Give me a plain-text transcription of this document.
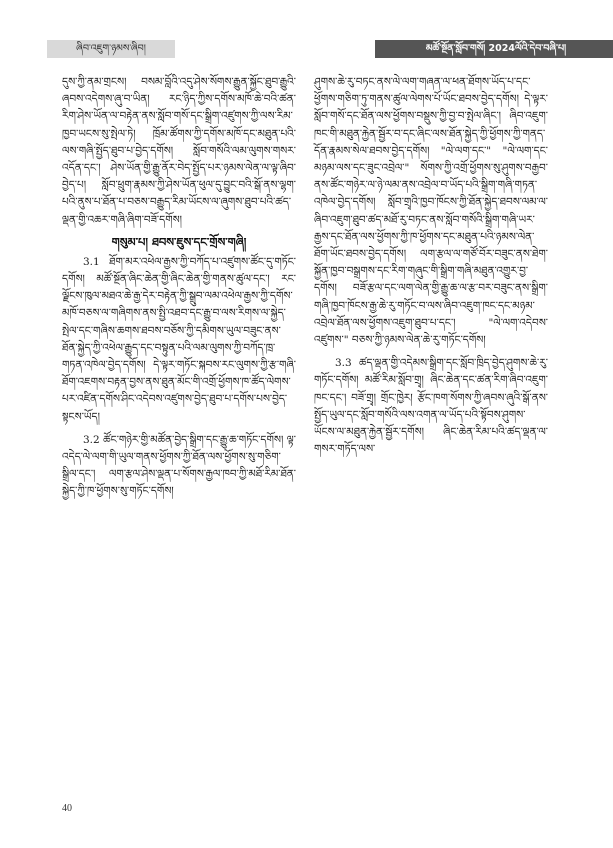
ཞིབ་འཇུག་ཉམས་ཞིབ།	མཚོ་སྔོན་སློབ་གསོ། 2024ལོའི་དེབ་བཞི་པ།

དུས་ཀྱི་ནམ་གྲངས། བསམ་བློའི་འདུ་ཤེས་སོགས་རྒྱུན་སྐྱོང་ཐུབ་རྒྱུའི་ཞབས་འདེགས་ཞུ་བ་ཡིན། རང་ཉིད་ཀྱིས་དགོས་མཁོ་ཆེ་བའི་ཚན་རིག་ཤེས་ཡོན་ལ་བརྟེན་ནས་སློབ་གསོ་དང་སྒྲིག་འཛུགས་ཀྱི་ལས་རིམ་ཁྱབ་ཡངས་སུ་སྤེལ་ཏེ། ཁྲོམ་ཚོགས་ཀྱི་དགོས་མཁོ་དང་མཐུན་པའི་ལས་གཞི་སྤྱོད་ཐུབ་པ་བྱེད་དགོས། སློབ་གསོའི་ལམ་ལུགས་གསར་འདོན་དང་། ཤེས་ཡོན་གྱི་རྒྱུ་ནོར་བེད་སྤྱོད་པར་ཉམས་ལེན་ལ་ལྟ་ཞིབ་བྱེད་པ། སློབ་ཕྲུག་རྣམས་ཀྱི་ཤེས་ཡོན་ཕུལ་དུ་བྱུང་བའི་སྒོ་ནས་ལྷག་པའི་ནུས་པ་ཐོན་པ་བཅས་བརྒྱུད་རིམ་ཡོངས་ལ་ཞུགས་ཐུབ་པའི་ཚད་ལྡན་གྱི་འཆར་གཞི་ཞིག་བཟོ་དགོས།

གསུམ་པ། ཐབས་ཇུས་དང་གྲོས་གཞི།

3.1 ཐོག་མར་འཕེལ་རྒྱས་ཀྱི་བཀོད་པ་འཛུགས་ཚོང་དུ་གཏོང་དགོས། མཚོ་སྔོན་ཞིང་ཆེན་གྱི་ཞིང་ཆེན་གྱི་གནས་ཚུལ་དང་། རང་ལྗོངས་ཁུལ་མཐའ་ཆེ་རྒྱ་དེར་བརྟེན་ཀྱི་སྒྲུབ་ལམ་འཕེལ་རྒྱས་ཀྱི་དགོས་མཁོ་བཅས་ལ་གཞིགས་ནས་སྤྱི་འཐབ་དང་རྒྱུ་བ་ལས་རིགས་ལ་སྐྱེད་སྤེལ་དང་གཞིས་ཆགས་ཐབས་བཅོས་ཀྱི་དམིགས་ཡུལ་བཟུང་ནས་ཐོན་སྐྱེད་ཀྱི་འཕེལ་རྒྱུད་དང་བསྟུན་པའི་ལམ་ལུགས་ཀྱི་བཀོད་ཁྲ་གཏན་འཁེལ་བྱེད་དགོས། དེ་ལྟར་གཏོང་སྐབས་རང་ལུགས་ཀྱི་རྩ་གཞི་ཐོག་འཇགས་བརྟན་བྱས་ནས་ཐུན་མོང་གི་འགྲོ་ཕྱོགས་ཁ་ཚོད་ལེགས་པར་འཛིན་དགོས་ཤིང་འདེབས་འཛུགས་བྱེད་ཐུབ་པ་དགོས་པས་བྱེད་སྟངས་ཡོད།

3.2 ཚོང་གཉེར་གྱི་མཚོན་བྱེད་སྒྲིག་དང་རྒྱུ་ཆ་གཏོང་དགོས། ལྟ་འདེད་ལེ་ལག་གི་ཡུལ་གནས་ཕྱོགས་ཀྱི་ཐོན་ལས་ཕྱོགས་སུ་གཅིག་སྒྲིལ་དང་། ལག་རྩལ་ཤེས་ལྡན་པ་སོགས་རྒྱལ་ཁབ་ཀྱི་མཐོ་རིམ་ཐོན་སྐྱེད་ཀྱི་ཁ་ཕྱོགས་སུ་གཏོང་དགོས།

ཤུགས་ཆེ་རུ་བཏང་ནས་ལེ་ལག་གཞན་ལ་ཕན་ཐོགས་ཡོད་པ་དང་ཕྱོགས་གཅིག་ཏུ་གནས་ཚུལ་ལེགས་པོ་ཡོང་ཐབས་བྱེད་དགོས། དེ་ལྟར་སློབ་གསོ་དང་ཐོན་ལས་ཕྱོགས་བསྡུས་ཀྱི་བྱ་བ་སྤེལ་ཞིང་། ཞིབ་འཇུག་ཁང་གི་མཐུན་རྐྱེན་སྦྱོར་བ་དང་ཞིང་ལས་ཐོན་སྐྱེད་ཀྱི་ཕྱོགས་ཀྱི་གནད་དོན་རྣམས་སེལ་ཐབས་བྱེད་དགོས། "ལེ་ལག་དང་" "ལེ་ལག་དང་མཉམ་ལས་དང་ཟུང་འབྲེལ་" སོགས་ཀྱི་འགྲོ་ཕྱོགས་སུ་ཤུགས་བརྒྱབ་ནས་ཚོང་གཉེར་ལ་ཉེ་ལམ་ནས་འབྲེལ་བ་ཡོད་པའི་སྒྲིག་གཞི་གཏན་འཁེལ་བྱེད་དགོས། སློབ་གྲྭའི་ཁྱབ་ཁོངས་ཀྱི་ཐོན་སྐྱེད་ཐབས་ལམ་ལ་ཞིབ་འཇུག་ཐུབ་ཚད་མཐོ་རུ་བཏང་ནས་སློབ་གསོའི་སྒྲིག་གཞི་ཡར་རྒྱས་དང་ཐོན་ལས་ཕྱོགས་ཀྱི་ཁ་ཕྱོགས་དང་མཐུན་པའི་ཉམས་ལེན་ཐོག་ཡོང་ཐབས་བྱེད་དགོས། ལག་རྩལ་ལ་གཙོ་བོར་བཟུང་ནས་ཐེག་སྐྱོན་ཁྱབ་བསྒྲགས་དང་རིག་གཞུང་གི་སྒྲིག་གཞི་མཐུན་འགྱུར་བྱ་དགོས། བཟོ་རྩལ་དང་ལག་ལེན་གྱི་རྒྱུ་ཆ་ལ་རྩ་བར་བཟུང་ནས་སྒྲིག་གཞི་ཁྱབ་ཁོངས་རྒྱ་ཆེ་རུ་གཏོང་བ་ལས་ཞིབ་འཇུག་ཁང་དང་མཉམ་འབྲེལ་ཐོན་ལས་ཕྱོགས་འཇུག་ཐུབ་པ་དང་། "ལེ་ལག་འདེབས་འཛུགས་" བཅས་ཀྱི་ཉམས་ལེན་ཆེ་རུ་གཏོང་དགོས།

3.3 ཚད་ལྡན་གྱི་འདེམས་སྒྲིག་དང་སློབ་ཁྲིད་བྱེད་ཤུགས་ཆེ་རུ་གཏོང་དགོས། མཚོ་རིམ་སློབ་གྲྭ། ཞིང་ཆེན་དང་ཚན་རིག་ཞིབ་འཇུག་ཁང་དང་། བཟོ་གྲྭ། གྲོང་ཁྱེར། རྩོང་ཁག་སོགས་ཀྱི་ཞབས་ཞུའི་སྒོ་ནས་སྤྱོད་ཡུལ་དང་སློབ་གསོའི་ལས་འགན་ལ་ཡོད་པའི་སྟོབས་ཤུགས་ཡོངས་ལ་མཐུན་རྐྱེན་སྦྱོར་དགོས། ཞིང་ཆེན་རིམ་པའི་ཚད་ལྡན་ལ་གསར་གཏོད་ལས་

40
